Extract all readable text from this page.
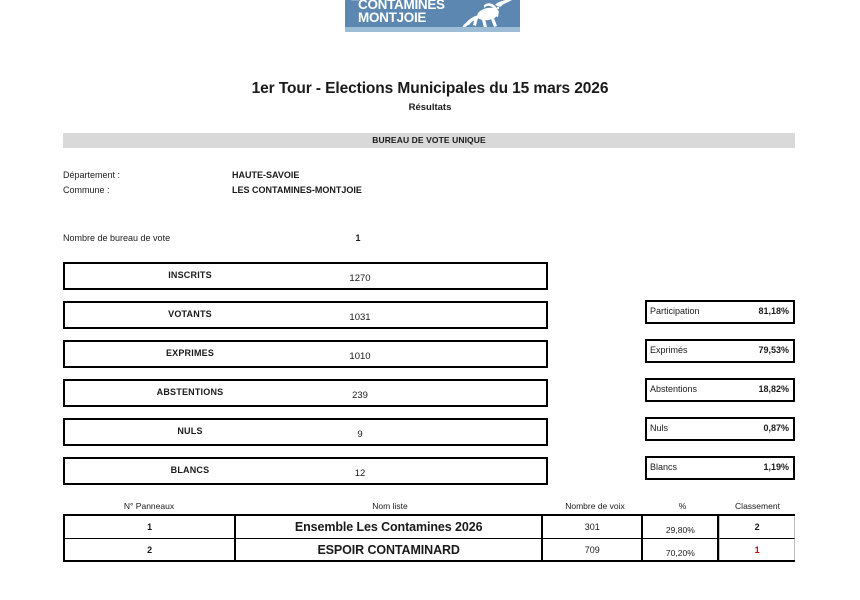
CONTAMINES
MONTJOIE
1er Tour - Elections Municipales du 15 mars 2026
Résultats
BUREAU DE VOTE UNIQUE
Département :	HAUTE-SAVOIE
Commune :	LES CONTAMINES-MONTJOIE
Nombre de bureau de vote	1
INSCRITS	1270
VOTANTS	1031
EXPRIMES	1010
ABSTENTIONS	239
NULS	9
BLANCS	12
Participation	81,18%
Exprimés	79,53%
Abstentions	18,82%
Nuls	0,87%
Blancs	1,19%
N° Panneaux	Nom liste	Nombre de voix	%	Classement
1	Ensemble Les Contamines 2026	301	29,80%	2
2	ESPOIR CONTAMINARD	709	70,20%	1
